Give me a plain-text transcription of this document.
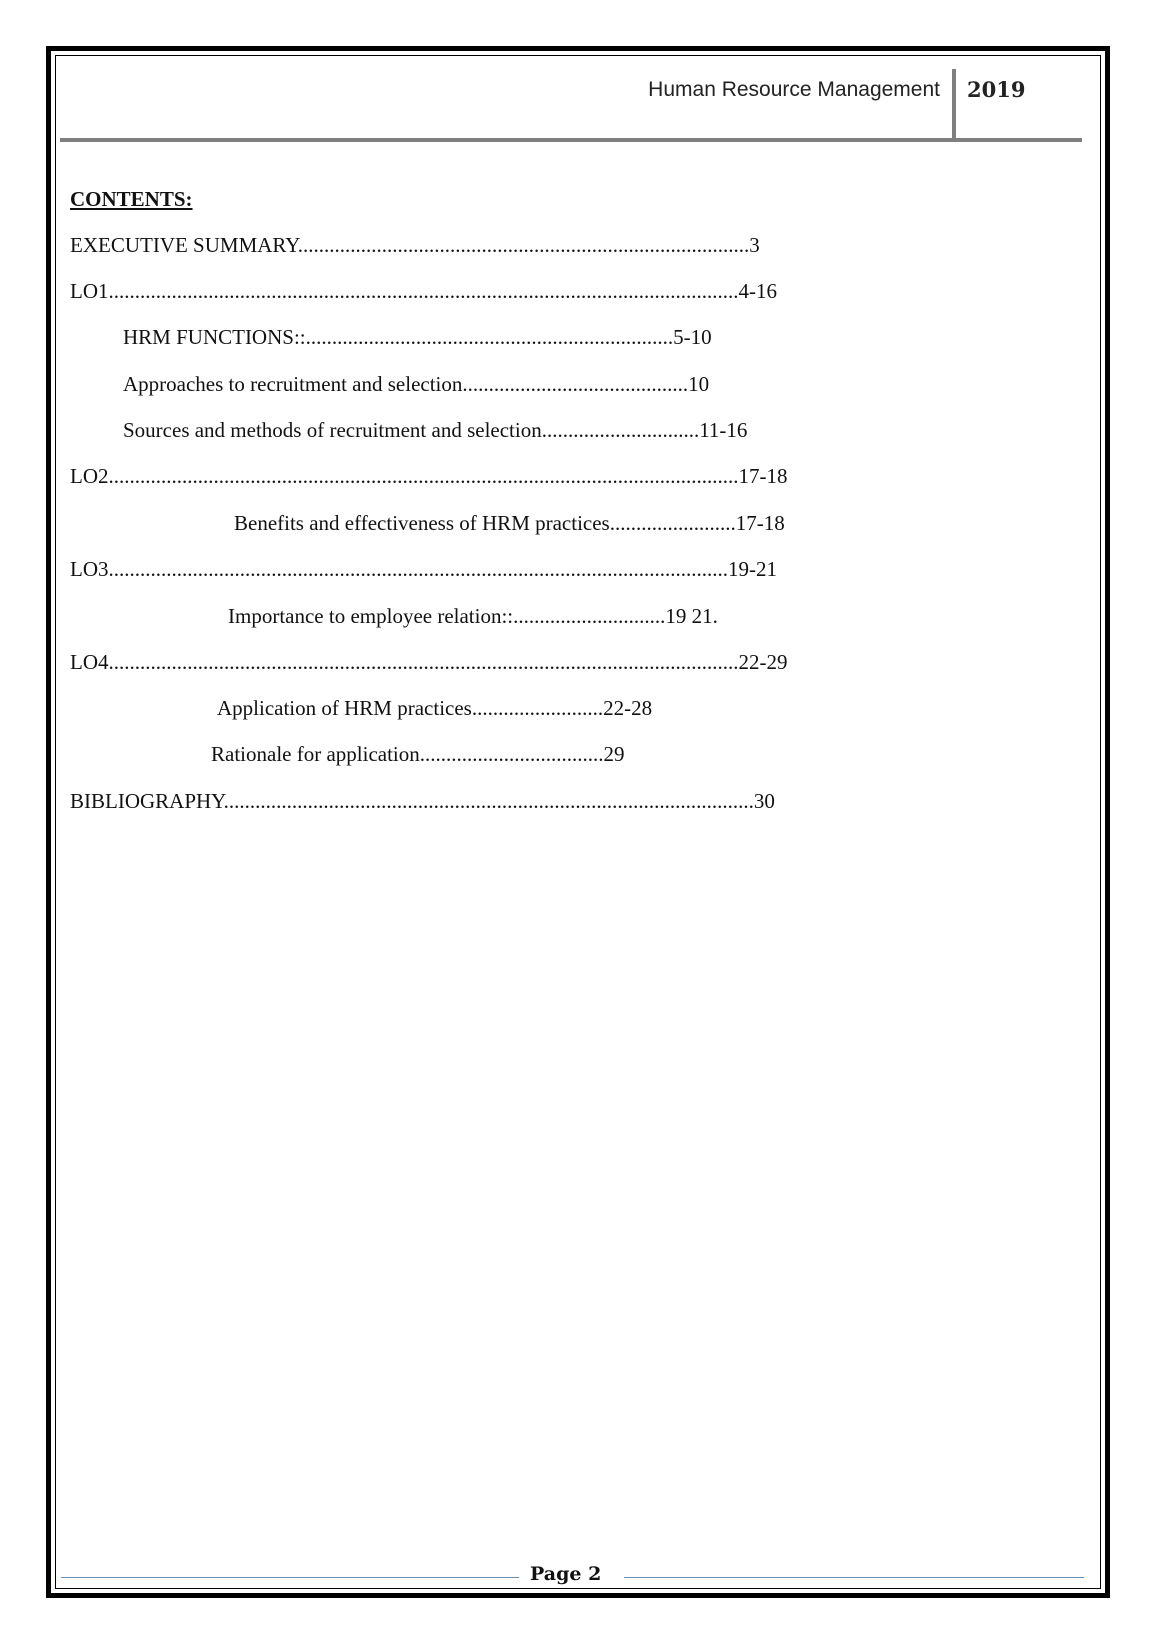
Human Resource Management 2019
CONTENTS:
EXECUTIVE SUMMARY......................................................................................3
LO1........................................................................................................................4-16
HRM FUNCTIONS::......................................................................5-10
Approaches to recruitment and selection...........................................10
Sources and methods of recruitment and selection..............................11-16
LO2........................................................................................................................17-18
Benefits and effectiveness of HRM practices........................17-18
LO3......................................................................................................................19-21
Importance to employee relation::.............................19 21.
LO4........................................................................................................................22-29
Application of HRM practices.........................22-28
Rationale for application...................................29
BIBLIOGRAPHY.....................................................................................................30
Page 2
